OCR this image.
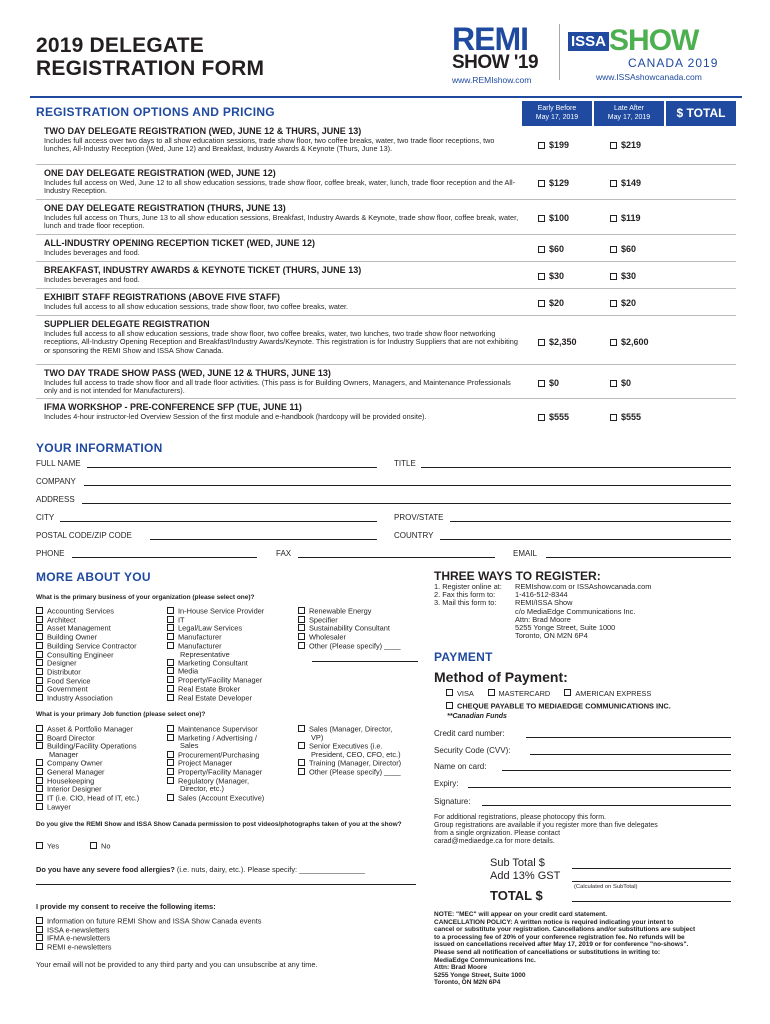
2019 DELEGATE
REGISTRATION FORM
REMI
SHOW '19
www.REMIshow.com
ISSA SHOW
CANADA 2019
www.ISSAshowcanada.com
REGISTRATION OPTIONS AND PRICING	Early Before
May 17, 2019
Late After
May 17, 2019	$ TOTAL
TWO DAY DELEGATE REGISTRATION (WED, JUNE 12 & THURS, JUNE 13)
Includes full access over two days to all show education sessions, trade show floor, two coffee breaks, water, two trade floor receptions, two lunches, All-Industry Reception (Wed, June 12) and Breakfast, Industry Awards & Keynote (Thurs, June 13).	$199	$219
ONE DAY DELEGATE REGISTRATION (WED, JUNE 12)
Includes full access on Wed, June 12 to all show education sessions, trade show floor, coffee break, water, lunch, trade floor reception and the All-Industry Reception.
$129	$149
ONE DAY DELEGATE REGISTRATION (THURS, JUNE 13)
Includes full access on Thurs, June 13 to all show education sessions, Breakfast, Industry Awards & Keynote, trade show floor, coffee break, water, lunch and trade floor reception.
$100	$119
ALL-INDUSTRY OPENING RECEPTION TICKET (WED, JUNE 12)
Includes beverages and food.	$60	$60
BREAKFAST, INDUSTRY AWARDS & KEYNOTE TICKET (THURS, JUNE 13)
Includes beverages and food.	$30	$30
EXHIBIT STAFF REGISTRATIONS (ABOVE FIVE STAFF)
Includes full access to all show education sessions, trade show floor, two coffee breaks, water.	$20	$20
SUPPLIER DELEGATE REGISTRATION
Includes full access to all show education sessions, trade show floor, two coffee breaks, water, two lunches, two trade show floor networking receptions, All-Industry Opening Reception and Breakfast/Industry Awards/Keynote. This registration is for Industry Suppliers that are not exhibiting or sponsoring the REMI Show and ISSA Show Canada.
$2,350	$2,600
TWO DAY TRADE SHOW PASS (WED, JUNE 12 & THURS, JUNE 13)
Includes full access to trade show floor and all trade floor activities. (This pass is for Building Owners, Managers, and Maintenance Professionals only and is not intended for Manufacturers).
$0	$0
IFMA WORKSHOP - PRE-CONFERENCE SFP (TUE, JUNE 11)
Includes 4-hour instructor-led Overview Session of the first module and e-handbook (hardcopy will be provided onsite).	$555	$555
YOUR INFORMATION
FULL NAME	TITLE
COMPANY
ADDRESS
CITY	PROV/STATE
POSTAL CODE/ZIP CODE	COUNTRY
PHONE	FAX	EMAIL
MORE ABOUT YOU
What is the primary business of your organization (please select one)?
Accounting Services
Architect
Asset Management
Building Owner
Building Service Contractor
Consulting Engineer
Designer
Distributor
Food Service
Government
Industry Association
In-House Service Provider
IT
Legal/Law Services
Manufacturer
Manufacturer
Representative
Marketing Consultant
Media
Property/Facility Manager
Real Estate Broker
Real Estate Developer
Renewable Energy
Specifier
Sustainability Consultant
Wholesaler
Other (Please specify) ____
What is your primary Job function (please select one)?
Asset & Portfolio Manager
Board Director
Building/Facility Operations
Manager
Company Owner
General Manager
Housekeeping
Interior Designer
IT (i.e. CIO, Head of IT, etc.)
Lawyer
Maintenance Supervisor
Marketing / Advertising /
Sales
Procurement/Purchasing
Project Manager
Property/Facility Manager
Regulatory (Manager,
Director, etc.)
Sales (Account Executive)
Sales (Manager, Director,
VP)
Senior Executives (i.e.
President, CEO, CFO, etc.)
Training (Manager, Director)
Other (Please specify) ____
Do you give the REMI Show and ISSA Show Canada permission to post videos/photographs taken of you at the show?
Yes	No
Do you have any severe food allergies? (i.e. nuts, dairy, etc.). Please specify: ________________
I provide my consent to receive the following items:
Information on future REMI Show and ISSA Show Canada events
ISSA e-newsletters
IFMA e-newsletters
REMI e-newsletters
Your email will not be provided to any third party and you can unsubscribe at any time.
THREE WAYS TO REGISTER:
1. Register online at: REMIshow.com or ISSAshowcanada.com
2. Fax this form to:	1-416-512-8344
3. Mail this form to:	REMI/ISSA Show
c/o MediaEdge Communications Inc.
Attn: Brad Moore
5255 Yonge Street, Suite 1000
Toronto, ON M2N 6P4
PAYMENT
Method of Payment:
VISA	MASTERCARD	AMERICAN EXPRESS
CHEQUE PAYABLE TO MEDIAEDGE COMMUNICATIONS INC.
**Canadian Funds
Credit card number:
Security Code (CVV):
Name on card:
Expiry:
Signature:
For additional registrations, please photocopy this form.
Group registrations are available if you register more than five delegates
from a single orgnization. Please contact
carad@mediaedge.ca for more details.
Sub Total $
Add 13% GST
(Calculated on SubTotal)
TOTAL $
NOTE: "MEC" will appear on your credit card statement.
CANCELLATION POLICY: A written notice is required indicating your intent to
cancel or substitute your registration. Cancellations and/or substitutions are subject
to a processing fee of 20% of your conference registration fee. No refunds will be
issued on cancellations received after May 17, 2019 or for conference "no-shows".
Please send all notification of cancellations or substitutions in writing to:
MediaEdge Communications Inc.
Attn: Brad Moore
5255 Yonge Street, Suite 1000
Toronto, ON M2N 6P4
